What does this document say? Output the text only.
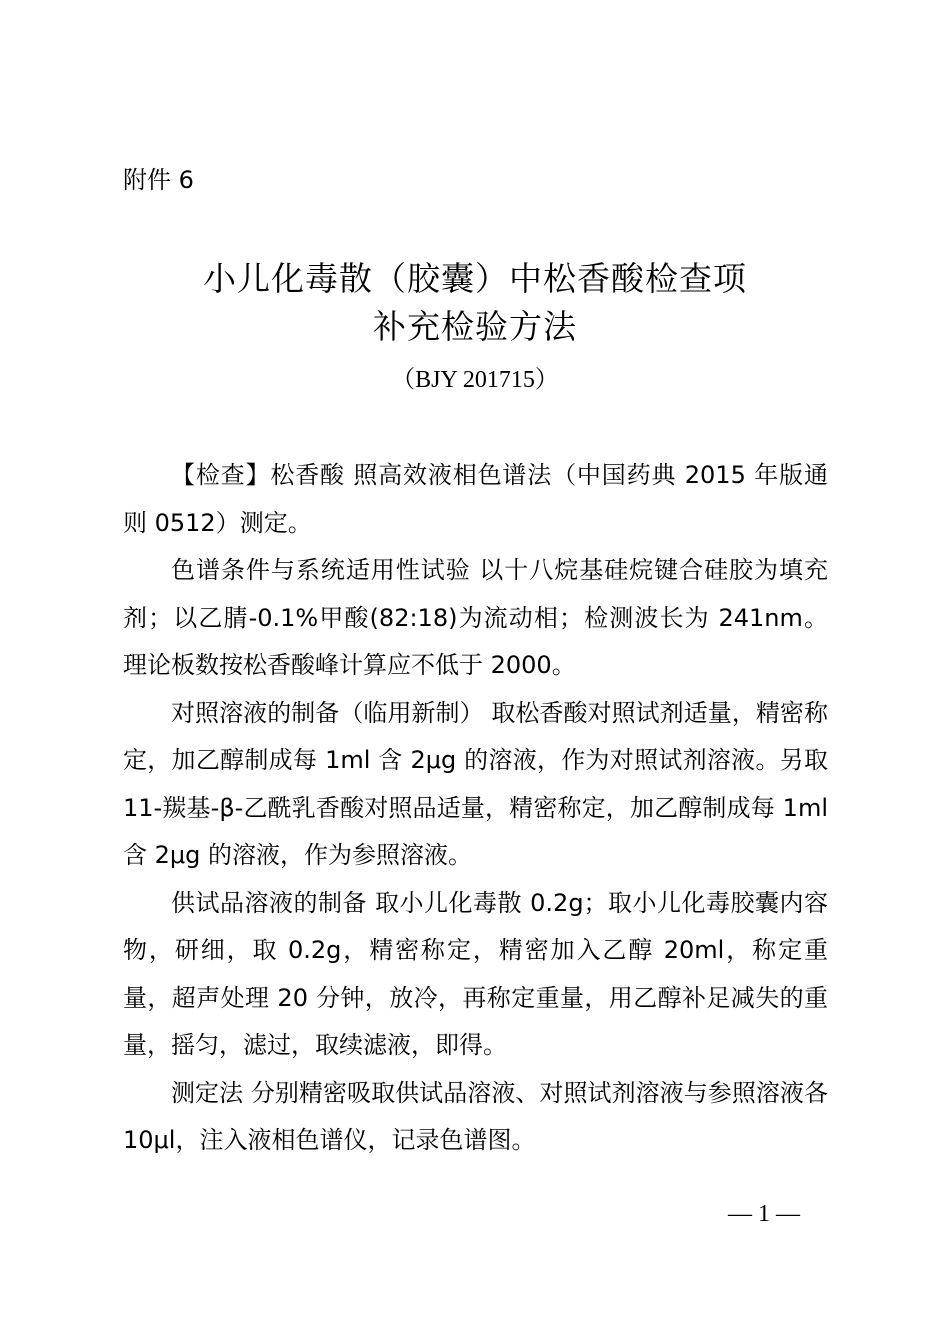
附件 6
小儿化毒散（胶囊）中松香酸检查项
补充检验方法
（BJY 201715）

【检查】松香酸 照高效液相色谱法（中国药典 2015 年版通则 0512）测定。

色谱条件与系统适用性试验 以十八烷基硅烷键合硅胶为填充剂；以乙腈-0.1%甲酸(82:18)为流动相；检测波长为 241nm。理论板数按松香酸峰计算应不低于 2000。

对照溶液的制备（临用新制） 取松香酸对照试剂适量，精密称定，加乙醇制成每 1ml 含 2μg 的溶液，作为对照试剂溶液。另取 11-羰基-β-乙酰乳香酸对照品适量，精密称定，加乙醇制成每 1ml 含 2μg 的溶液，作为参照溶液。

供试品溶液的制备 取小儿化毒散 0.2g；取小儿化毒胶囊内容物，研细，取 0.2g，精密称定，精密加入乙醇 20ml，称定重量，超声处理 20 分钟，放冷，再称定重量，用乙醇补足减失的重量，摇匀，滤过，取续滤液，即得。

测定法 分别精密吸取供试品溶液、对照试剂溶液与参照溶液各 10μl，注入液相色谱仪，记录色谱图。

— 1 —
